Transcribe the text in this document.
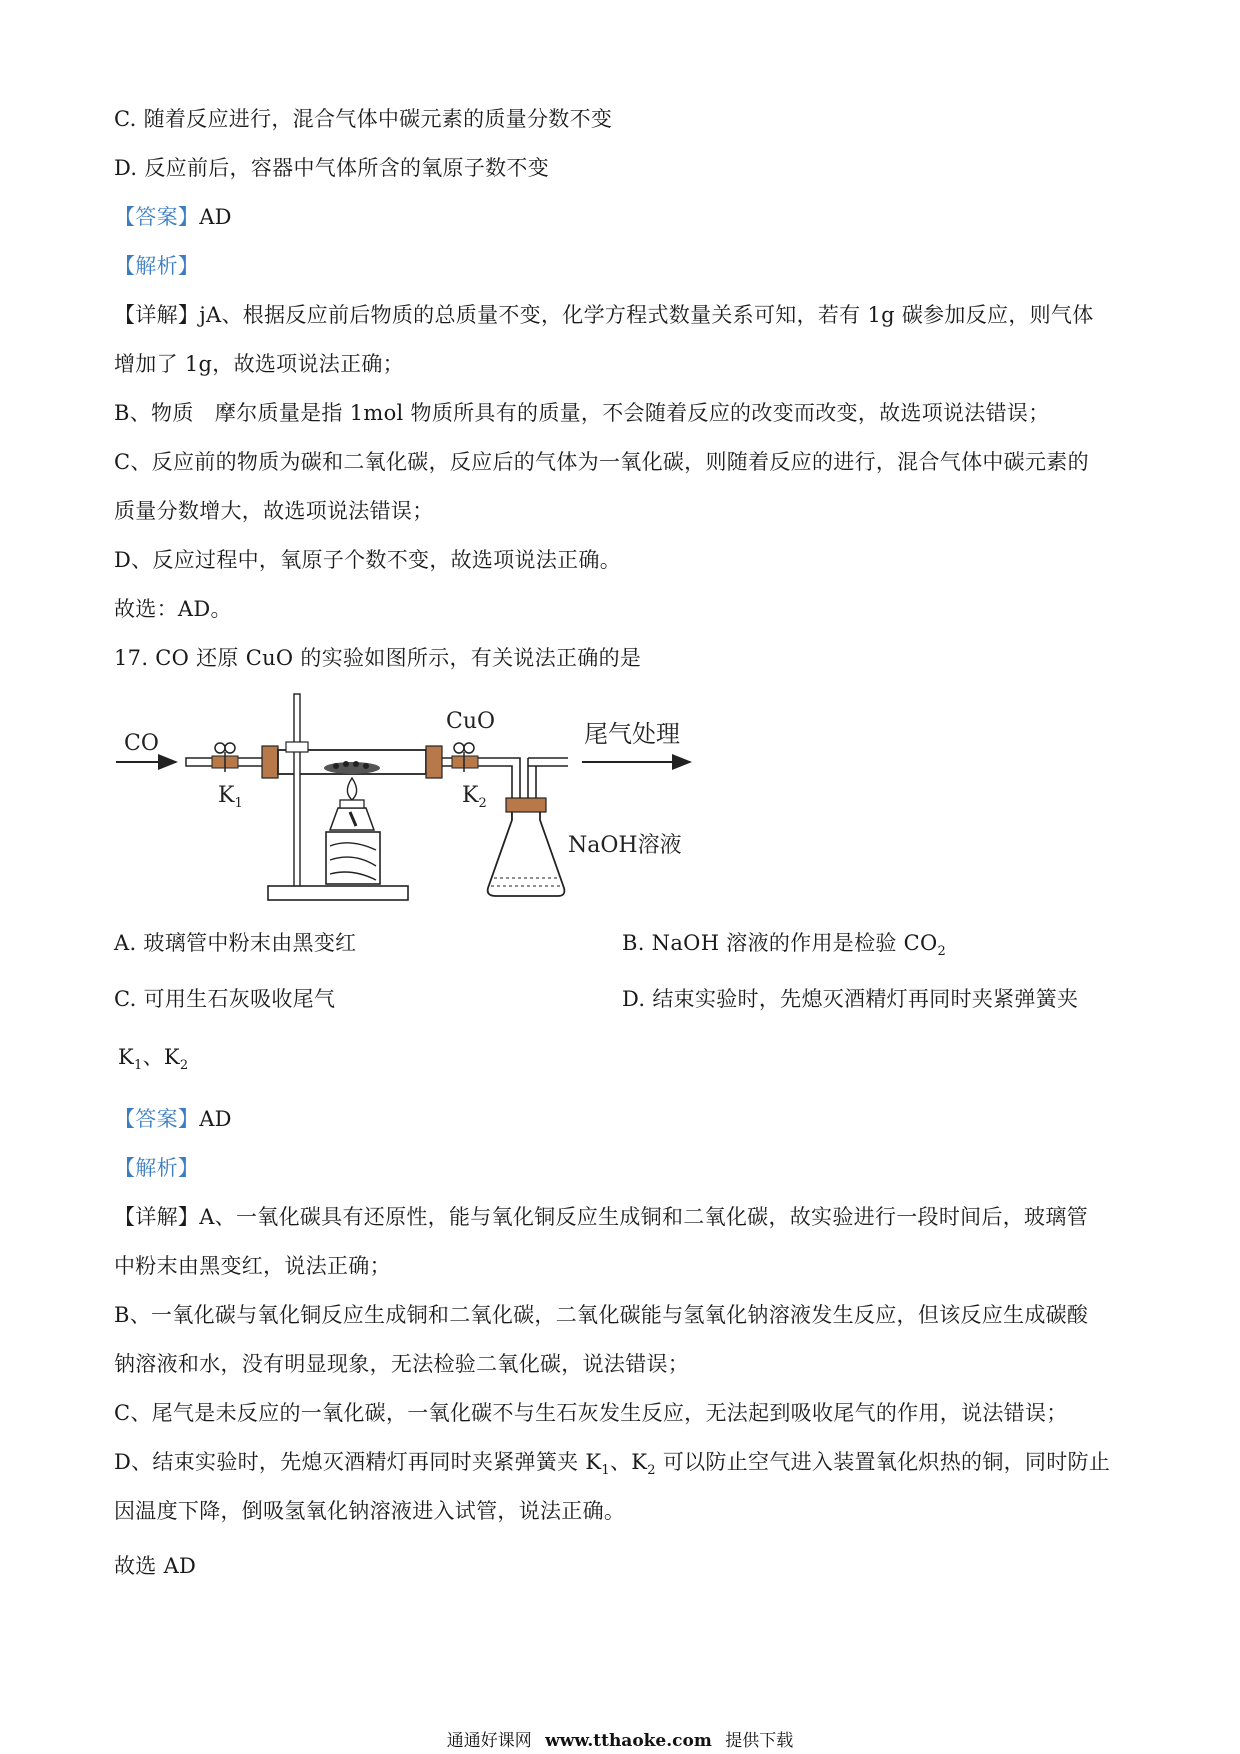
C. 随着反应进行，混合气体中碳元素的质量分数不变
D. 反应前后，容器中气体所含的氧原子数不变
【答案】AD
【解析】
【详解】jA、根据反应前后物质的总质量不变，化学方程式数量关系可知，若有 1g 碳参加反应，则气体
增加了 1g，故选项说法正确；
B、物质　摩尔质量是指 1mol 物质所具有的质量，不会随着反应的改变而改变，故选项说法错误；
C、反应前的物质为碳和二氧化碳，反应后的气体为一氧化碳，则随着反应的进行，混合气体中碳元素的
质量分数增大，故选项说法错误；
D、反应过程中，氧原子个数不变，故选项说法正确。
故选：AD。
17. CO 还原 CuO 的实验如图所示，有关说法正确的是
CO
$K_1$
CuO
$K_2$
尾气处理
NaOH溶液
A. 玻璃管中粉末由黑变红	B. NaOH 溶液的作用是检验 $CO_2$
C. 可用生石灰吸收尾气	D. 结束实验时，先熄灭酒精灯再同时夹紧弹簧夹
$K_1$、$K_2$
【答案】AD
【解析】
【详解】A、一氧化碳具有还原性，能与氧化铜反应生成铜和二氧化碳，故实验进行一段时间后，玻璃管
中粉末由黑变红，说法正确；
B、一氧化碳与氧化铜反应生成铜和二氧化碳，二氧化碳能与氢氧化钠溶液发生反应，但该反应生成碳酸
钠溶液和水，没有明显现象，无法检验二氧化碳，说法错误；
C、尾气是未反应的一氧化碳，一氧化碳不与生石灰发生反应，无法起到吸收尾气的作用，说法错误；
D、结束实验时，先熄灭酒精灯再同时夹紧弹簧夹 $K_1$、$K_2$ 可以防止空气进入装置氧化炽热的铜，同时防止
因温度下降，倒吸氢氧化钠溶液进入试管，说法正确。
故选 AD
通通好课网 www.tthaoke.com 提供下载
